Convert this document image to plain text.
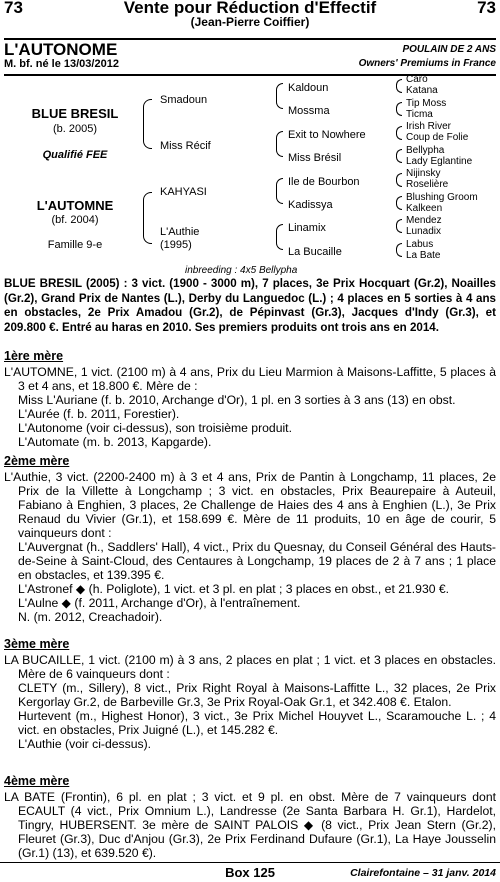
73	Vente pour Réduction d'Effectif	73
(Jean-Pierre Coiffier)
L'AUTONOME	POULAIN DE 2 ANS
M. bf. né le 13/03/2012	Owners' Premiums in France
BLUE BRESIL
(b. 2005)
Qualifié FEE
L'AUTOMNE
(bf. 2004)
Famille 9-e
Smadoun
Miss Récif
KAHYASI
L'Authie
(1995)
Kaldoun
Mossma
Exit to Nowhere
Miss Brésil
Ile de Bourbon
Kadissya
Linamix
La Bucaille
Caro
Katana
Tip Moss
Ticma
Irish River
Coup de Folie
Bellypha
Lady Eglantine
Nijinsky
Roselière
Blushing Groom
Kalkeen
Mendez
Lunadix
Labus
La Bate
inbreeding : 4x5 Bellypha
BLUE BRESIL (2005) : 3 vict. (1900 - 3000 m), 7 places, 3e Prix Hocquart (Gr.2), Noailles (Gr.2), Grand Prix de Nantes (L.), Derby du Languedoc (L.) ; 4 places en 5 sorties à 4 ans en obstacles, 2e Prix Amadou (Gr.2), de Pépinvast (Gr.3), Jacques d'Indy (Gr.3), et 209.800 €. Entré au haras en 2010. Ses premiers produits ont trois ans en 2014.
1ère mère
L'AUTOMNE, 1 vict. (2100 m) à 4 ans, Prix du Lieu Marmion à Maisons-Laffitte, 5 places à 3 et 4 ans, et 18.800 €. Mère de :
Miss L'Auriane (f. b. 2010, Archange d'Or), 1 pl. en 3 sorties à 3 ans (13) en obst.
L'Aurée (f. b. 2011, Forestier).
L'Autonome (voir ci-dessus), son troisième produit.
L'Automate (m. b. 2013, Kapgarde).
2ème mère
L'Authie, 3 vict. (2200-2400 m) à 3 et 4 ans, Prix de Pantin à Longchamp, 11 places, 2e Prix de la Villette à Longchamp ; 3 vict. en obstacles, Prix Beaurepaire à Auteuil, Fabiano à Enghien, 3 places, 2e Challenge de Haies des 4 ans à Enghien (L.), 3e Prix Renaud du Vivier (Gr.1), et 158.699 €. Mère de 11 produits, 10 en âge de courir, 5 vainqueurs dont :
L'Auvergnat (h., Saddlers' Hall), 4 vict., Prix du Quesnay, du Conseil Général des Hauts-de-Seine à Saint-Cloud, des Centaures à Longchamp, 19 places de 2 à 7 ans ; 1 place en obstacles, et 139.395 €.
L'Astronef ◆ (h. Poliglote), 1 vict. et 3 pl. en plat ; 3 places en obst., et 21.930 €.
L'Aulne ◆ (f. 2011, Archange d'Or), à l'entraînement.
N. (m. 2012, Creachadoir).
3ème mère
LA BUCAILLE, 1 vict. (2100 m) à 3 ans, 2 places en plat ; 1 vict. et 3 places en obstacles. Mère de 6 vainqueurs dont :
CLETY (m., Sillery), 8 vict., Prix Right Royal à Maisons-Laffitte L., 32 places, 2e Prix Kergorlay Gr.2, de Barbeville Gr.3, 3e Prix Royal-Oak Gr.1, et 342.408 €. Etalon.
Hurtevent (m., Highest Honor), 3 vict., 3e Prix Michel Houyvet L., Scaramouche L. ; 4 vict. en obstacles, Prix Juigné (L.), et 145.282 €.
L'Authie (voir ci-dessus).
4ème mère
LA BATE (Frontin), 6 pl. en plat ; 3 vict. et 9 pl. en obst. Mère de 7 vainqueurs dont ECAULT (4 vict., Prix Omnium L.), Landresse (2e Santa Barbara H. Gr.1), Hardelot, Tingry, HUBERSENT. 3e mère de SAINT PALOIS ◆ (8 vict., Prix Jean Stern (Gr.2), Fleuret (Gr.3), Duc d'Anjou (Gr.3), 2e Prix Ferdinand Dufaure (Gr.1), La Haye Jousselin (Gr.1) (13), et 639.520 €).
Box 125	Clairefontaine – 31 janv. 2014
